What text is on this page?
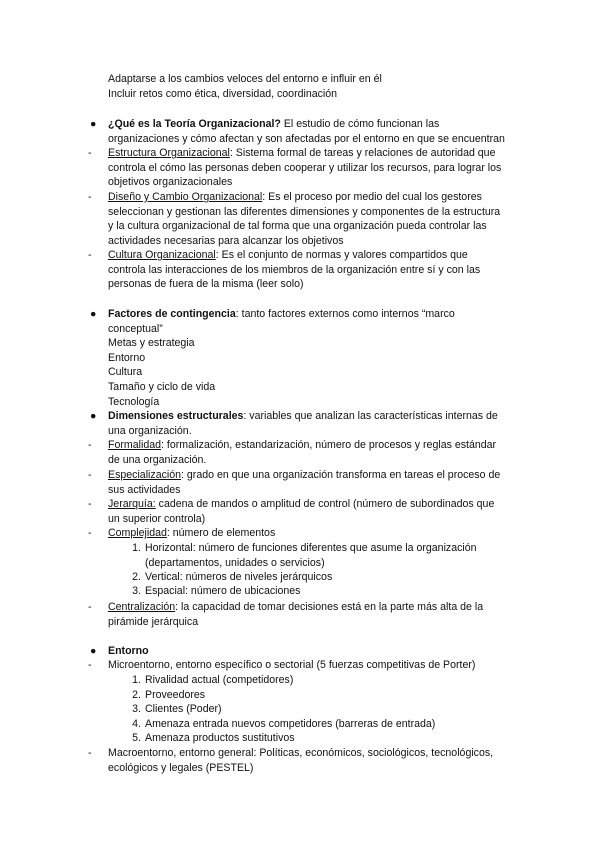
Adaptarse a los cambios veloces del entorno e influir en él
Incluir retos como ética, diversidad, coordinación
●	¿Qué es la Teoría Organizacional? El estudio de cómo funcionan las
organizaciones y cómo afectan y son afectadas por el entorno en que se encuentran
- Estructura Organizacional: Sistema formal de tareas y relaciones de autoridad que
controla el cómo las personas deben cooperar y utilizar los recursos, para lograr los
objetivos organizacionales
- Diseño y Cambio Organizacional: Es el proceso por medio del cual los gestores
seleccionan y gestionan las diferentes dimensiones y componentes de la estructura
y la cultura organizacional de tal forma que una organización pueda controlar las
actividades necesarias para alcanzar los objetivos
- Cultura Organizacional: Es el conjunto de normas y valores compartidos que
controla las interacciones de los miembros de la organización entre sí y con las
personas de fuera de la misma (leer solo)
●	Factores de contingencia: tanto factores externos como internos “marco
conceptual”
Metas y estrategia
Entorno
Cultura
Tamaño y ciclo de vida
Tecnología
●	Dimensiones estructurales: variables que analizan las características internas de
una organización.
- Formalidad: formalización, estandarización, número de procesos y reglas estándar
de una organización.
- Especialización: grado en que una organización transforma en tareas el proceso de
sus actividades
- Jerarquía: cadena de mandos o amplitud de control (número de subordinados que
un superior controla)
- Complejidad: número de elementos
1. Horizontal: número de funciones diferentes que asume la organización
(departamentos, unidades o servicios)
2. Vertical: números de niveles jerárquicos
3. Espacial: número de ubicaciones
- Centralización: la capacidad de tomar decisiones está en la parte más alta de la
pirámide jerárquica
●	Entorno
- Microentorno, entorno específico o sectorial (5 fuerzas competitivas de Porter)
1. Rivalidad actual (competidores)
2. Proveedores
3. Clientes (Poder)
4. Amenaza entrada nuevos competidores (barreras de entrada)
5. Amenaza productos sustitutivos
- Macroentorno, entorno general: Políticas, económicos, sociológicos, tecnológicos,
ecológicos y legales (PESTEL)
